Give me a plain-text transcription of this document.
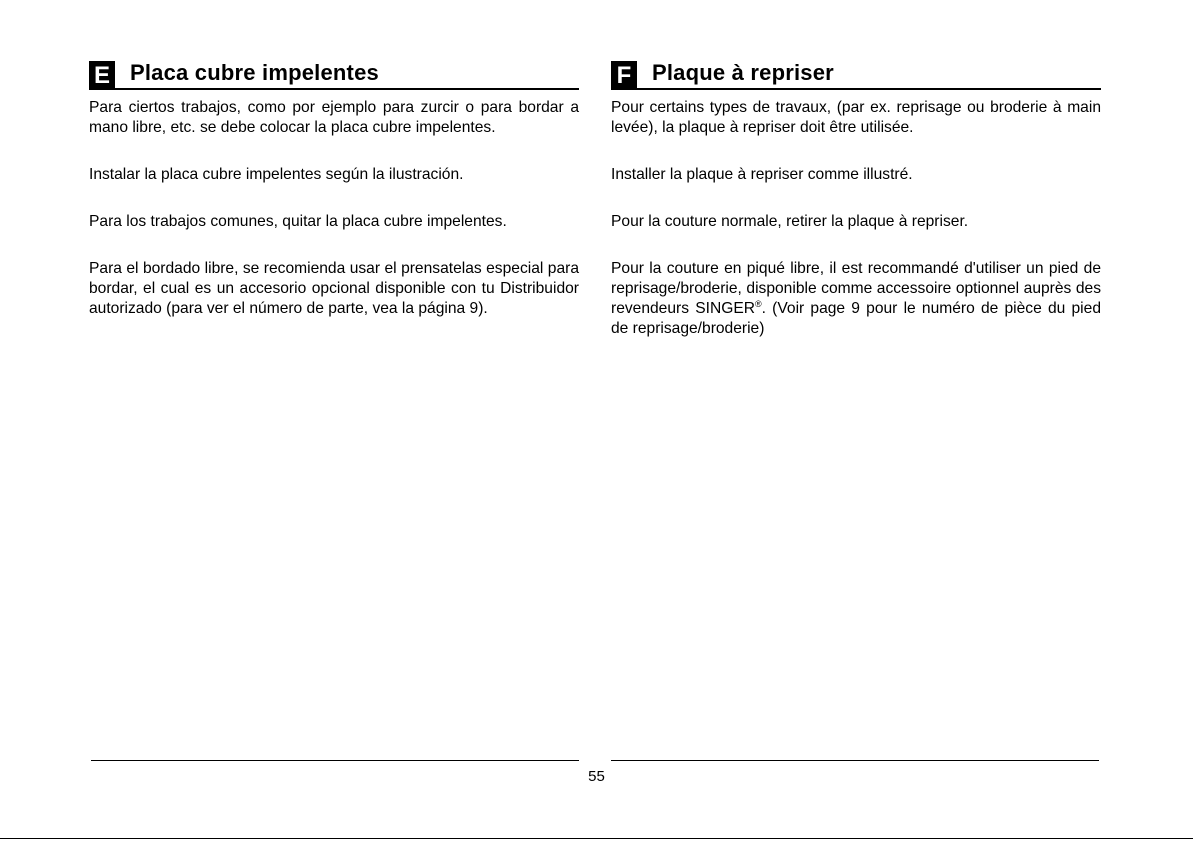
E Placa cubre impelentes

Para ciertos trabajos, como por ejemplo para zurcir o para bordar a mano libre, etc. se debe colocar la placa cubre impelentes.

Instalar la placa cubre impelentes según la ilustración.

Para los trabajos comunes, quitar la placa cubre impelentes.

Para el bordado libre, se recomienda usar el prensatelas especial para bordar, el cual es un accesorio opcional disponible con tu Distribuidor autorizado (para ver el número de parte, vea la página 9).

F Plaque à repriser

Pour certains types de travaux, (par ex. reprisage ou broderie à main levée), la plaque à repriser doit être utilisée.

Installer la plaque à repriser comme illustré.

Pour la couture normale, retirer la plaque à repriser.

Pour la couture en piqué libre, il est recommandé d'utiliser un pied de reprisage/broderie, disponible comme accessoire optionnel auprès des revendeurs SINGER®. (Voir page 9 pour le numéro de pièce du pied de reprisage/broderie)

55
